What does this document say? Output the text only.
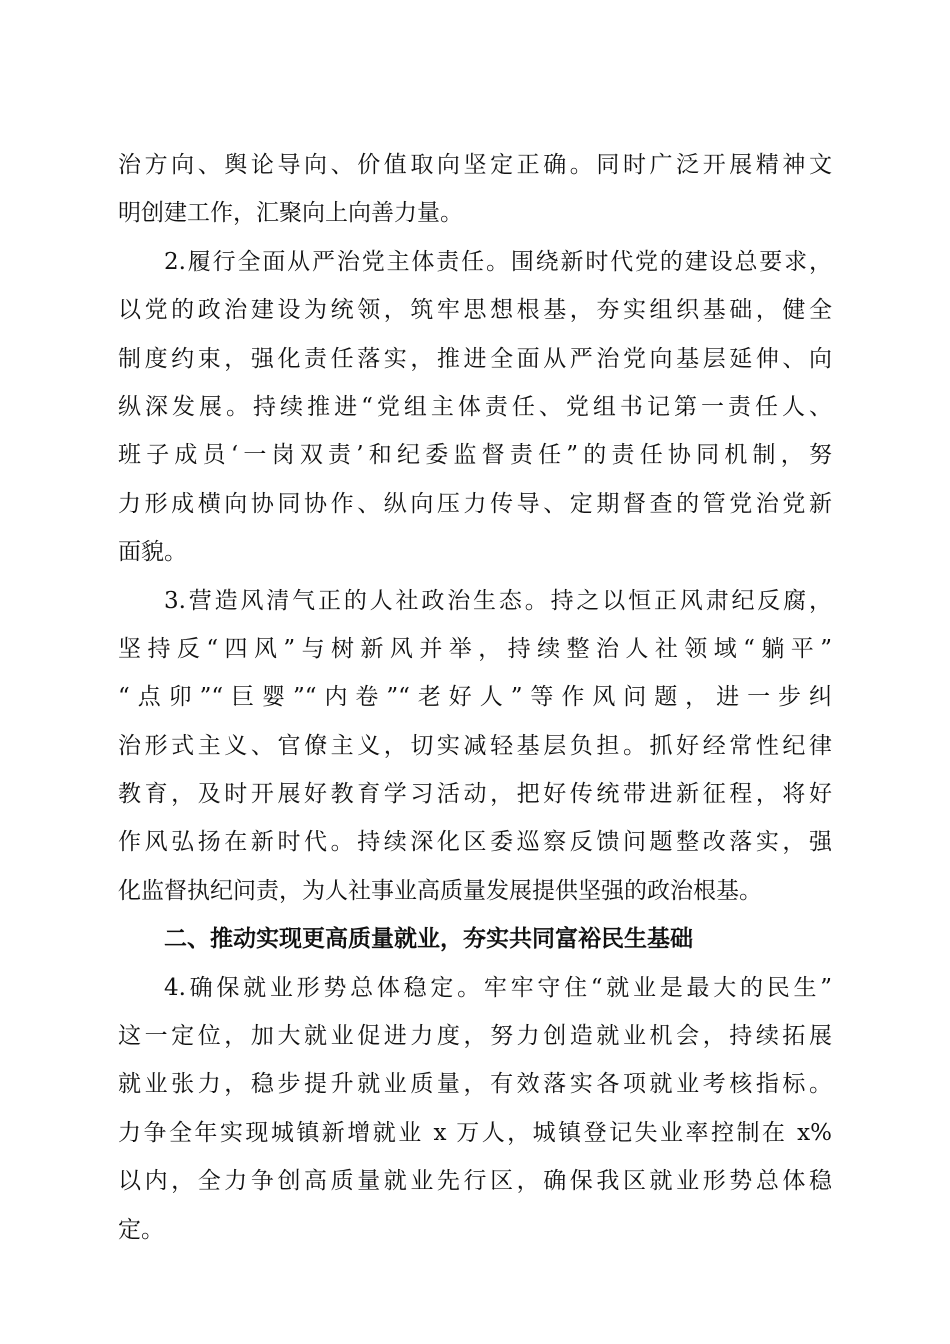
治方向、舆论导向、价值取向坚定正确。同时广泛开展精神文
明创建工作，汇聚向上向善力量。
2.履行全面从严治党主体责任。围绕新时代党的建设总要求，
以党的政治建设为统领，筑牢思想根基，夯实组织基础，健全
制度约束，强化责任落实，推进全面从严治党向基层延伸、向
纵深发展。持续推进“党组主体责任、党组书记第一责任人、
班子成员‘一岗双责’和纪委监督责任”的责任协同机制，努
力形成横向协同协作、纵向压力传导、定期督查的管党治党新
面貌。
3.营造风清气正的人社政治生态。持之以恒正风肃纪反腐，
坚持反“四风”与树新风并举，持续整治人社领域“躺平”
“点卯”“巨婴”“内卷”“老好人”等作风问题，进一步纠
治形式主义、官僚主义，切实减轻基层负担。抓好经常性纪律
教育，及时开展好教育学习活动，把好传统带进新征程，将好
作风弘扬在新时代。持续深化区委巡察反馈问题整改落实，强
化监督执纪问责，为人社事业高质量发展提供坚强的政治根基。
二、推动实现更高质量就业，夯实共同富裕民生基础
4.确保就业形势总体稳定。牢牢守住“就业是最大的民生”
这一定位，加大就业促进力度，努力创造就业机会，持续拓展
就业张力，稳步提升就业质量，有效落实各项就业考核指标。
力争全年实现城镇新增就业 x 万人，城镇登记失业率控制在 x%
以内，全力争创高质量就业先行区，确保我区就业形势总体稳
定。
